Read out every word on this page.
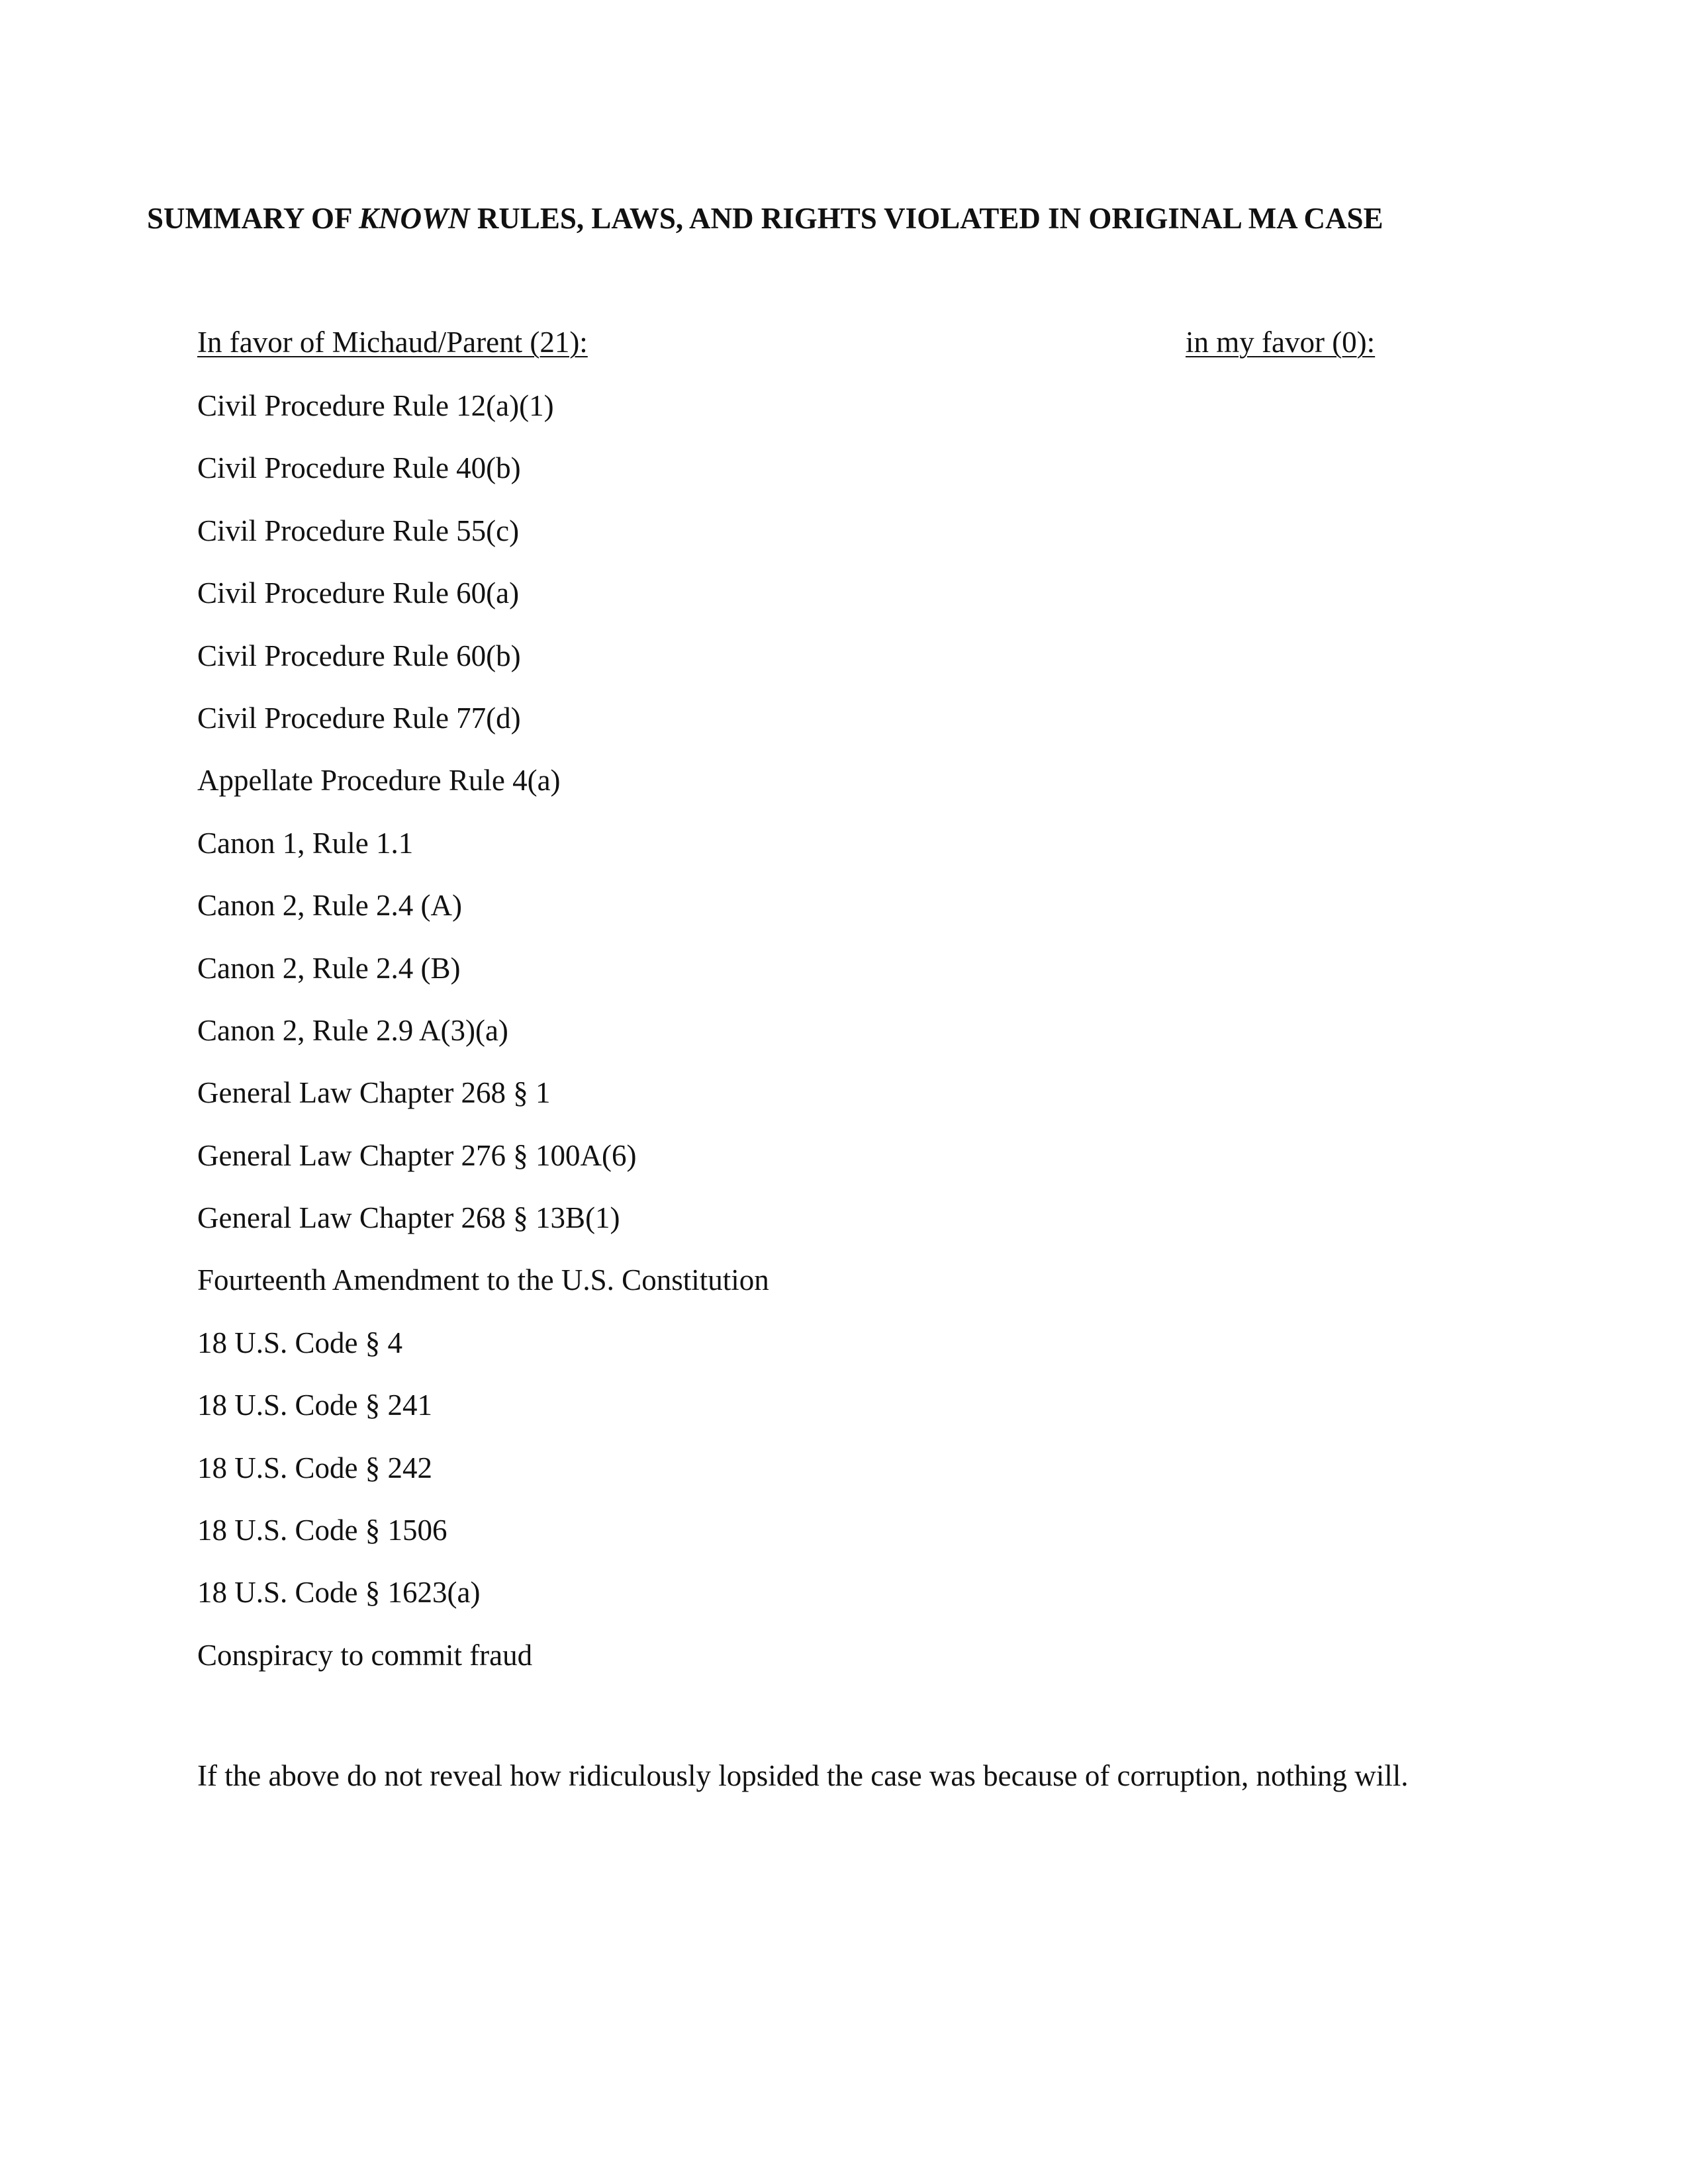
SUMMARY OF KNOWN RULES, LAWS, AND RIGHTS VIOLATED IN ORIGINAL MA CASE
In favor of Michaud/Parent (21):	in my favor (0):
Civil Procedure Rule 12(a)(1)
Civil Procedure Rule 40(b)
Civil Procedure Rule 55(c)
Civil Procedure Rule 60(a)
Civil Procedure Rule 60(b)
Civil Procedure Rule 77(d)
Appellate Procedure Rule 4(a)
Canon 1, Rule 1.1
Canon 2, Rule 2.4 (A)
Canon 2, Rule 2.4 (B)
Canon 2, Rule 2.9 A(3)(a)
General Law Chapter 268 § 1
General Law Chapter 276 § 100A(6)
General Law Chapter 268 § 13B(1)
Fourteenth Amendment to the U.S. Constitution
18 U.S. Code § 4
18 U.S. Code § 241
18 U.S. Code § 242
18 U.S. Code § 1506
18 U.S. Code § 1623(a)
Conspiracy to commit fraud

If the above do not reveal how ridiculously lopsided the case was because of corruption, nothing will.
